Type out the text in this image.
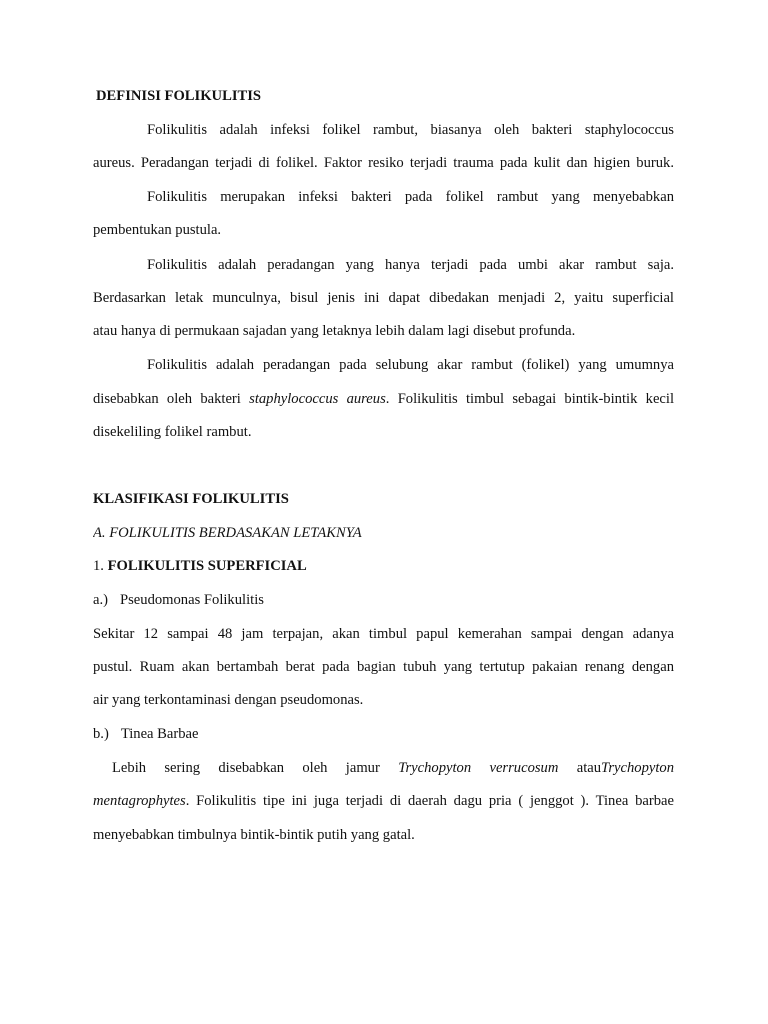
DEFINISI FOLIKULITIS
Folikulitis adalah infeksi folikel rambut, biasanya oleh bakteri staphylococcus
aureus. Peradangan terjadi di folikel. Faktor resiko terjadi trauma pada kulit dan higien buruk.
Folikulitis merupakan infeksi bakteri pada folikel rambut yang menyebabkan
pembentukan pustula.
Folikulitis adalah peradangan yang hanya terjadi pada umbi akar rambut saja.
Berdasarkan letak munculnya, bisul jenis ini dapat dibedakan menjadi 2, yaitu superficial
atau hanya di permukaan sajadan yang letaknya lebih dalam lagi disebut profunda.
Folikulitis adalah peradangan pada selubung akar rambut (folikel) yang umumnya
disebabkan oleh bakteri staphylococcus aureus. Folikulitis timbul sebagai bintik-bintik kecil
disekeliling folikel rambut.
KLASIFIKASI FOLIKULITIS
A. FOLIKULITIS BERDASAKAN LETAKNYA
1. FOLIKULITIS SUPERFICIAL
a.) Pseudomonas Folikulitis
Sekitar 12 sampai 48 jam terpajan, akan timbul papul kemerahan sampai dengan adanya
pustul. Ruam akan bertambah berat pada bagian tubuh yang tertutup pakaian renang dengan
air yang terkontaminasi dengan pseudomonas.
b.) Tinea Barbae
Lebih sering disebabkan oleh jamur Trychopyton verrucosum atauTrychopyton
mentagrophytes. Folikulitis tipe ini juga terjadi di daerah dagu pria ( jenggot ). Tinea barbae
menyebabkan timbulnya bintik-bintik putih yang gatal.
